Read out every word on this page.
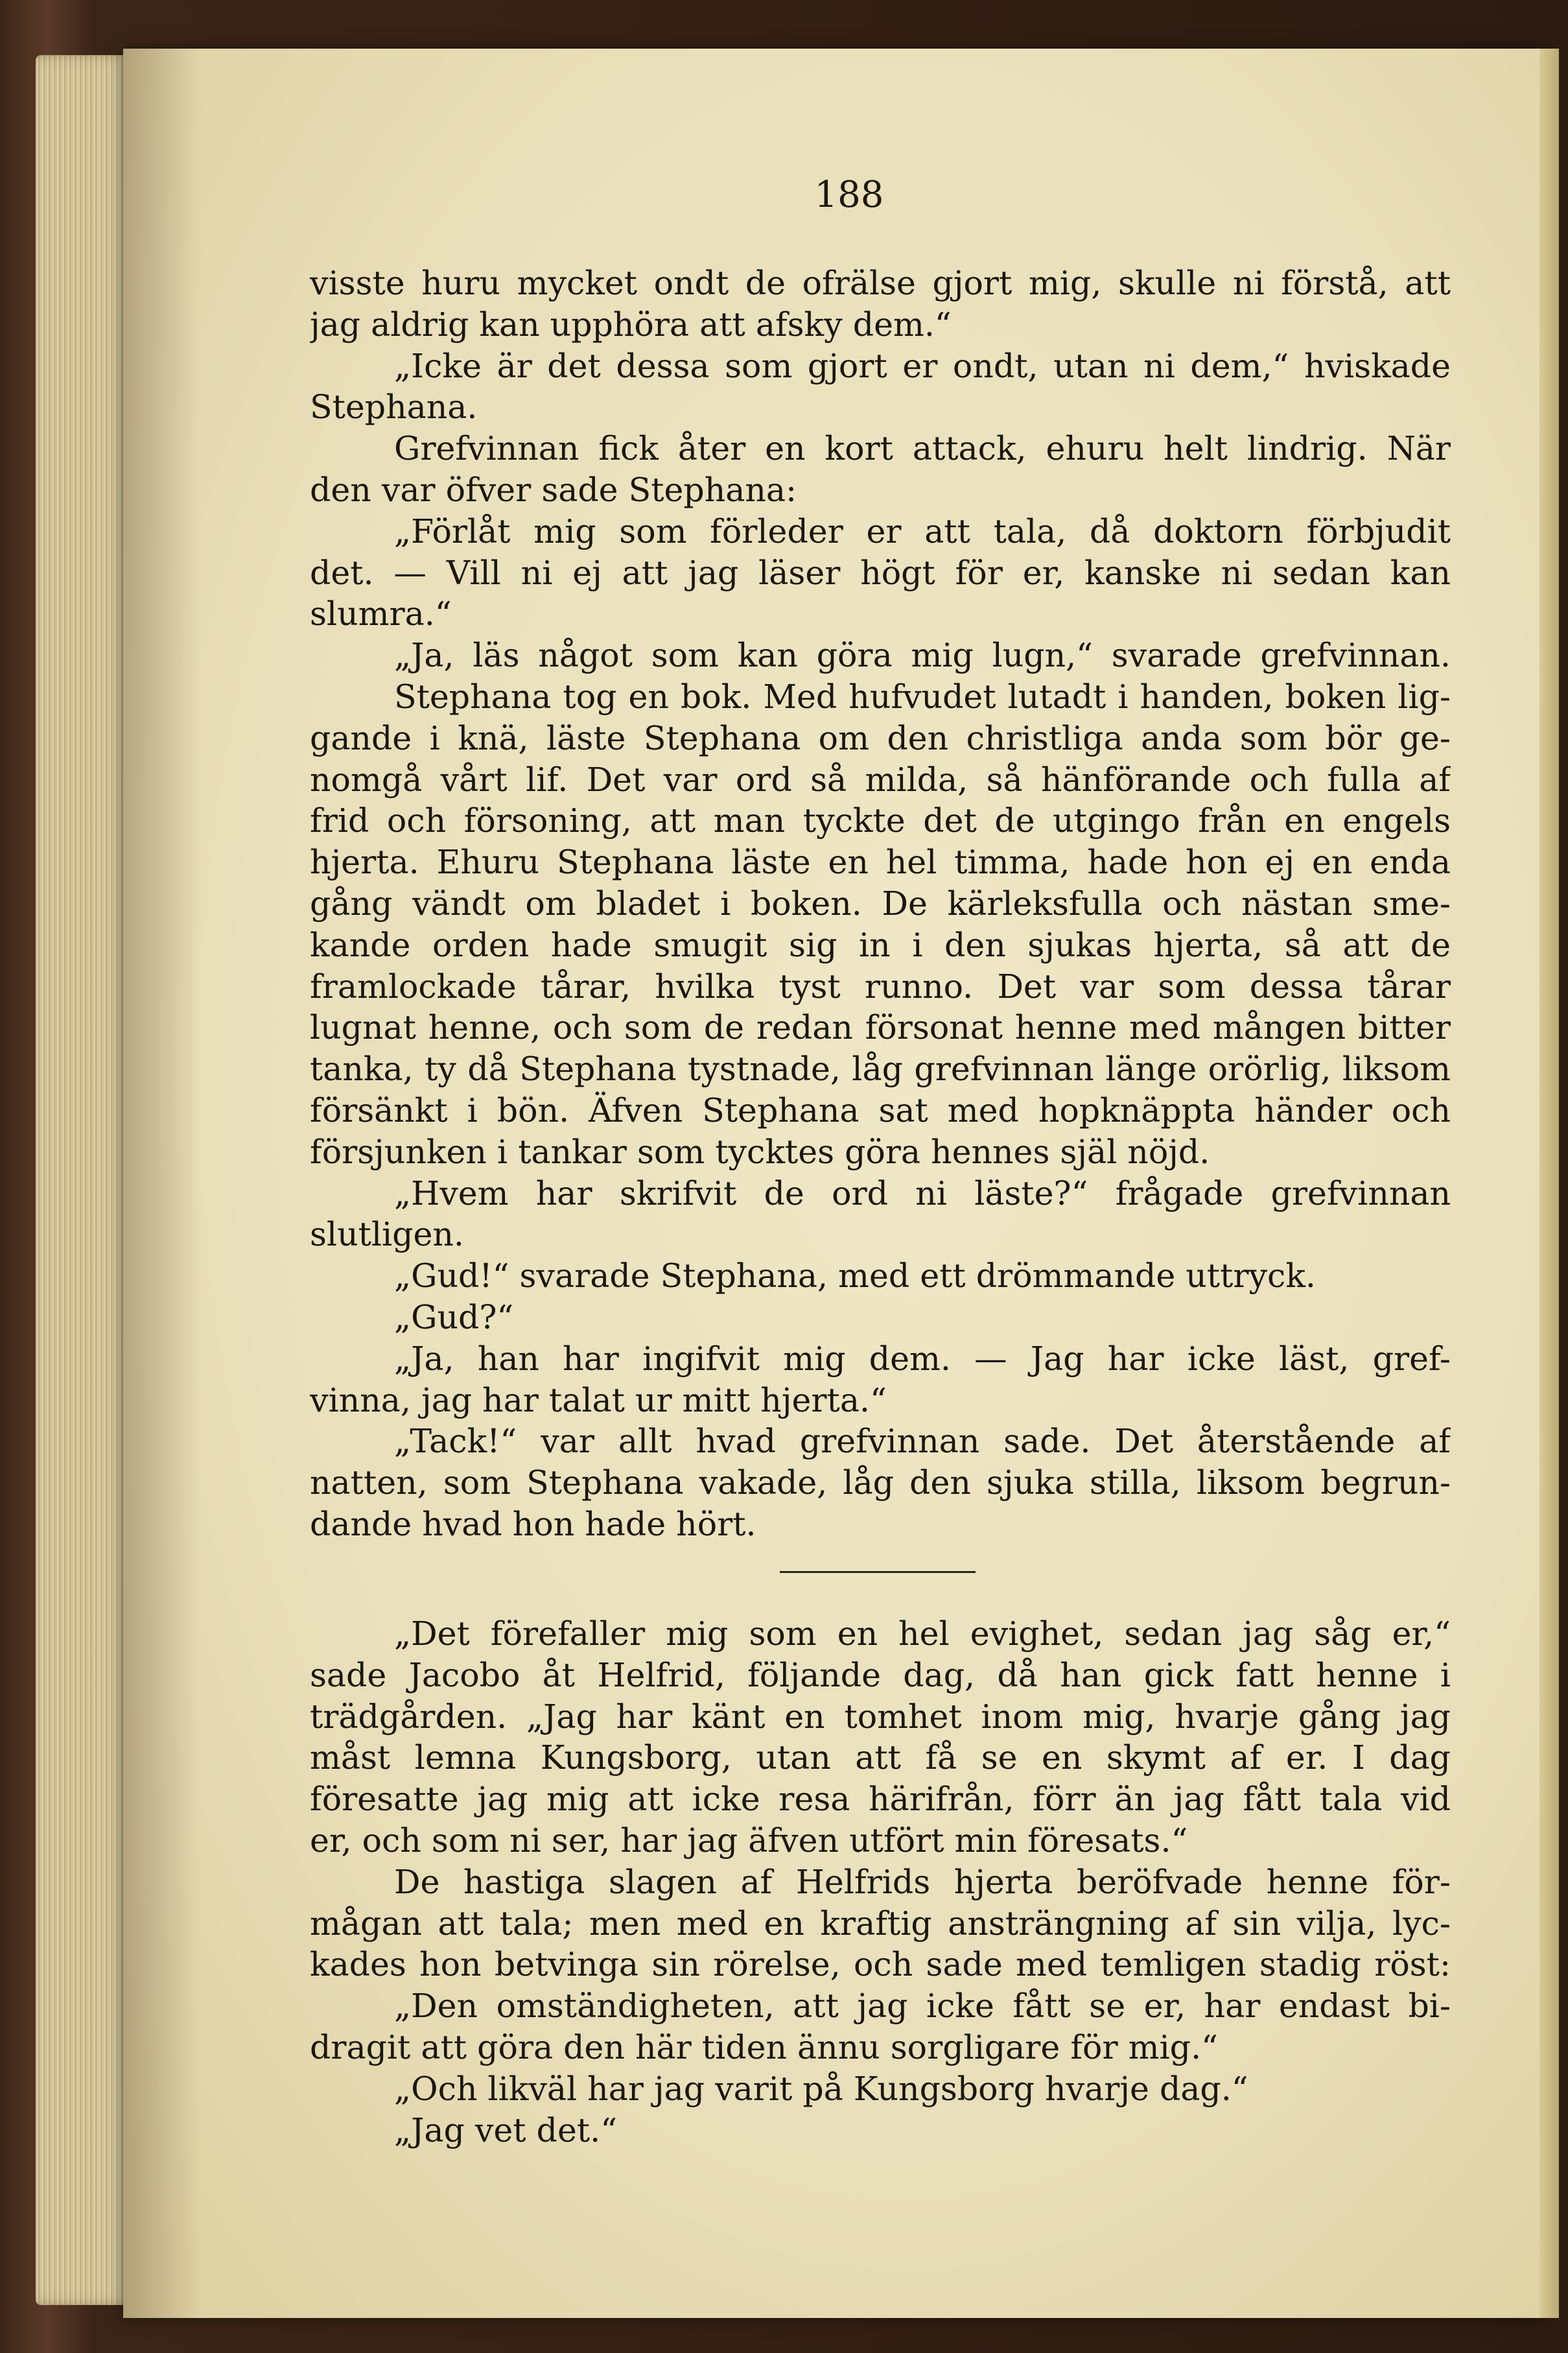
188
visste huru mycket ondt de ofrälse gjort mig, skulle ni förstå, att
jag aldrig kan upphöra att afsky dem.“
„Icke är det dessa som gjort er ondt, utan ni dem,“ hviskade
Stephana.
Grefvinnan fick åter en kort attack, ehuru helt lindrig. När
den var öfver sade Stephana:
„Förlåt mig som förleder er att tala, då doktorn förbjudit
det. — Vill ni ej att jag läser högt för er, kanske ni sedan kan
slumra.“
„Ja, läs något som kan göra mig lugn,“ svarade grefvinnan.
Stephana tog en bok. Med hufvudet lutadt i handen, boken lig-
gande i knä, läste Stephana om den christliga anda som bör ge-
nomgå vårt lif. Det var ord så milda, så hänförande och fulla af
frid och försoning, att man tyckte det de utgingo från en engels
hjerta. Ehuru Stephana läste en hel timma, hade hon ej en enda
gång vändt om bladet i boken. De kärleksfulla och nästan sme-
kande orden hade smugit sig in i den sjukas hjerta, så att de
framlockade tårar, hvilka tyst runno. Det var som dessa tårar
lugnat henne, och som de redan försonat henne med mången bitter
tanka, ty då Stephana tystnade, låg grefvinnan länge orörlig, liksom
försänkt i bön. Äfven Stephana sat med hopknäppta händer och
försjunken i tankar som tycktes göra hennes själ nöjd.
„Hvem har skrifvit de ord ni läste?“ frågade grefvinnan
slutligen.
„Gud!“ svarade Stephana, med ett drömmande uttryck.
„Gud?“
„Ja, han har ingifvit mig dem. — Jag har icke läst, gref-
vinna, jag har talat ur mitt hjerta.“
„Tack!“ var allt hvad grefvinnan sade. Det återstående af
natten, som Stephana vakade, låg den sjuka stilla, liksom begrun-
dande hvad hon hade hört.
„Det förefaller mig som en hel evighet, sedan jag såg er,“
sade Jacobo åt Helfrid, följande dag, då han gick fatt henne i
trädgården. „Jag har känt en tomhet inom mig, hvarje gång jag
måst lemna Kungsborg, utan att få se en skymt af er. I dag
föresatte jag mig att icke resa härifrån, förr än jag fått tala vid
er, och som ni ser, har jag äfven utfört min föresats.“
De hastiga slagen af Helfrids hjerta beröfvade henne för-
mågan att tala; men med en kraftig ansträngning af sin vilja, lyc-
kades hon betvinga sin rörelse, och sade med temligen stadig röst:
„Den omständigheten, att jag icke fått se er, har endast bi-
dragit att göra den här tiden ännu sorgligare för mig.“
„Och likväl har jag varit på Kungsborg hvarje dag.“
„Jag vet det.“
